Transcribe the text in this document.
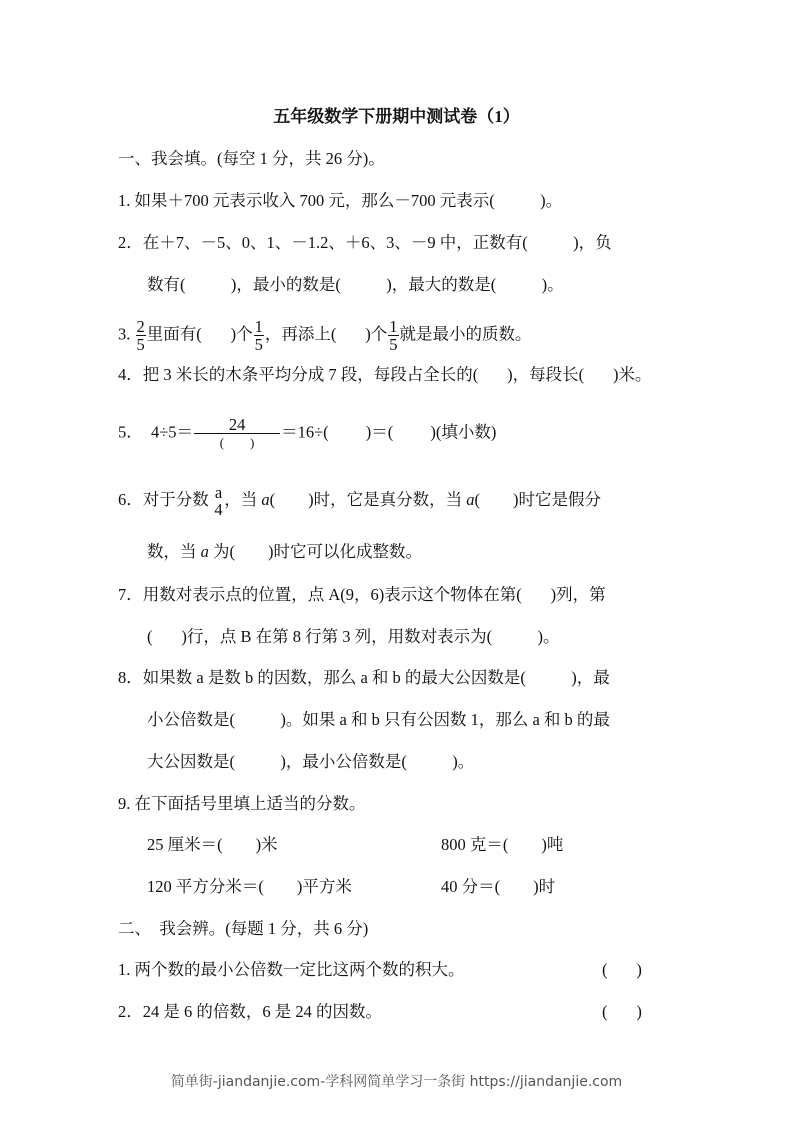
五年级数学下册期中测试卷（1）
一、我会填。(每空 1 分，共 26 分)。
1. 如果＋700 元表示收入 700 元，那么－700 元表示(           )。
2．在＋7、－5、0、1、－1.2、＋6、3、－9 中，正数有(           )，负
数有(           )，最小的数是(           )，最大的数是(           )。
3. $\frac{2}{5}$ 里面有(       )个 $\frac{1}{5}$ ，再添上(       )个 $\frac{1}{5}$ 就是最小的质数。
4．把 3 米长的木条平均分成 7 段，每段占全长的(       )，每段长(       )米。
5．  4÷5＝	24
(        )
＝16÷(         )＝(         )(填小数)
6．对于分数 a
4
，当 a(        )时，它是真分数，当 a(        )时它是假分
数，当 a 为(        )时它可以化成整数。
7．用数对表示点的位置，点 A(9，6)表示这个物体在第(       )列，第
(       )行，点 B 在第 8 行第 3 列，用数对表示为(           )。
8．如果数 a 是数 b 的因数，那么 a 和 b 的最大公因数是(           )，最
小公倍数是(           )。如果 a 和 b 只有公因数 1，那么 a 和 b 的最
大公因数是(           )，最小公倍数是(           )。
9. 在下面括号里填上适当的分数。
25 厘米＝(        )米	800 克＝(        )吨
120 平方分米＝(        )平方米	40 分＝(        )时
二、  我会辨。(每题 1 分，共 6 分)
1. 两个数的最小公倍数一定比这两个数的积大。	(       )
2．24 是 6 的倍数，6 是 24 的因数。	(       )
简单街-jiandanjie.com-学科网简单学习一条街 https://jiandanjie.com
